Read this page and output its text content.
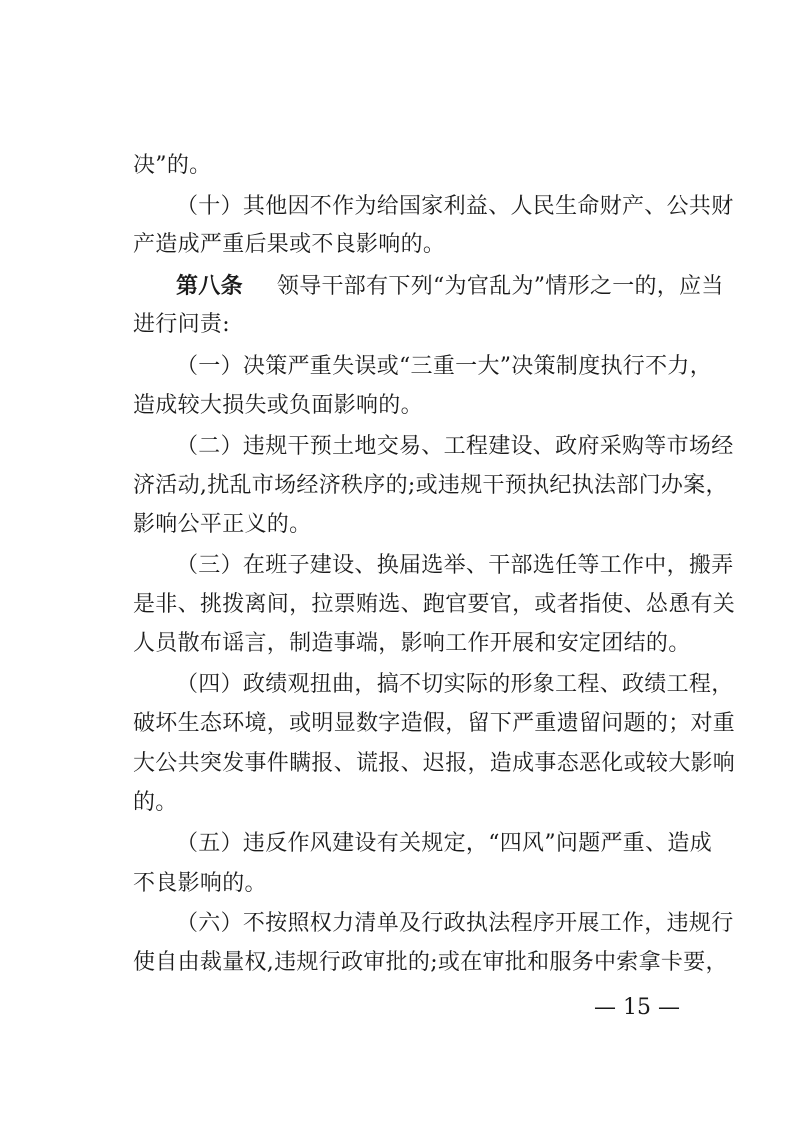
决”的。
（十）其他因不作为给国家利益、人民生命财产、公共财
产造成严重后果或不良影响的。
第八条 领导干部有下列“为官乱为”情形之一的，应当
进行问责:
（一）决策严重失误或“三重一大”决策制度执行不力，
造成较大损失或负面影响的。
（二）违规干预土地交易、工程建设、政府采购等市场经
济活动,扰乱市场经济秩序的;或违规干预执纪执法部门办案，
影响公平正义的。
（三）在班子建设、换届选举、干部选任等工作中，搬弄
是非、挑拨离间，拉票贿选、跑官要官，或者指使、怂恿有关
人员散布谣言，制造事端，影响工作开展和安定团结的。
（四）政绩观扭曲，搞不切实际的形象工程、政绩工程，
破坏生态环境，或明显数字造假，留下严重遗留问题的；对重
大公共突发事件瞒报、谎报、迟报，造成事态恶化或较大影响
的。
（五）违反作风建设有关规定，“四风”问题严重、造成
不良影响的。
（六）不按照权力清单及行政执法程序开展工作，违规行
使自由裁量权,违规行政审批的;或在审批和服务中索拿卡要，
— 15 —
